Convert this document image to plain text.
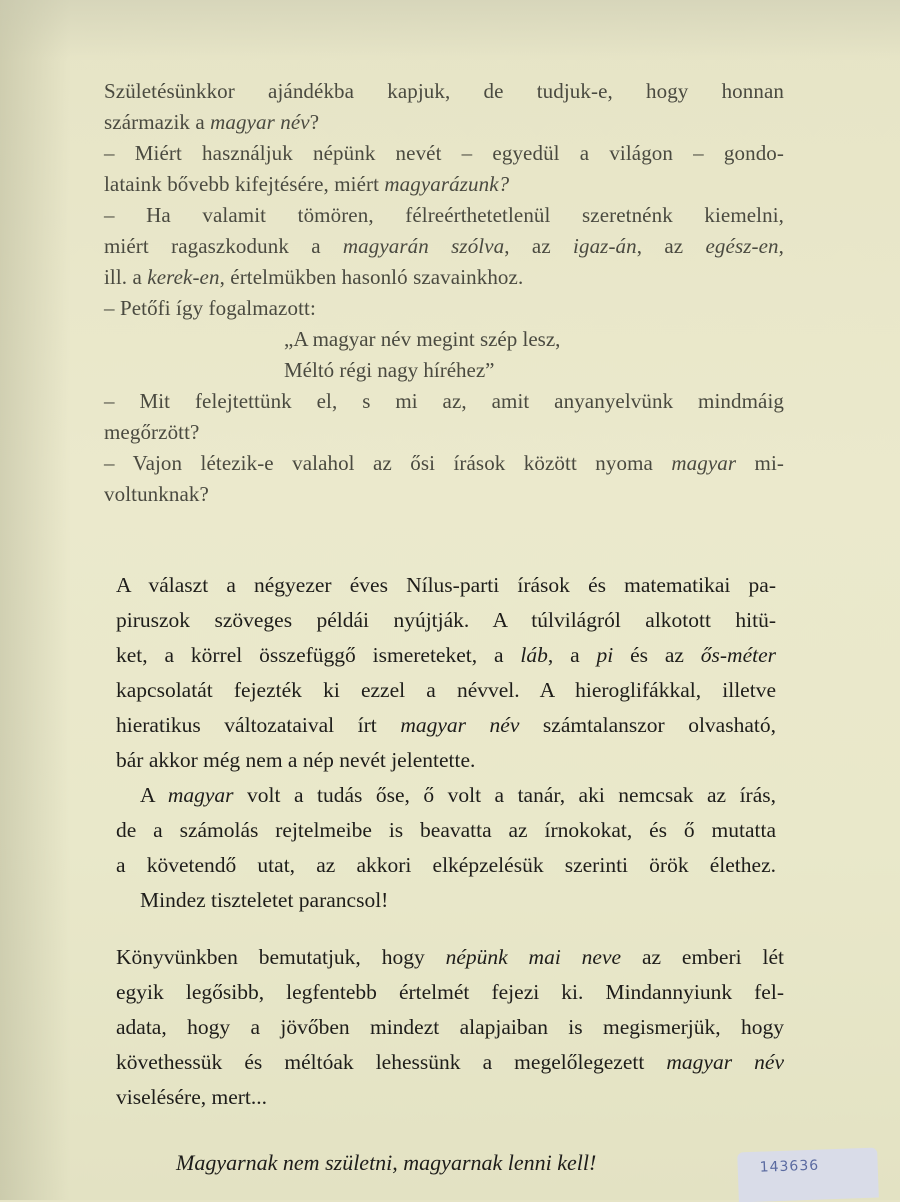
Születésünkkor ajándékba kapjuk, de tudjuk-e, hogy honnan
származik a magyar név?
– Miért használjuk népünk nevét – egyedül a világon – gondo-
lataink bővebb kifejtésére, miért magyarázunk?
– Ha valamit tömören, félreérthetetlenül szeretnénk kiemelni,
miért ragaszkodunk a magyarán szólva, az igaz-án, az egész-en,
ill. a kerek-en, értelmükben hasonló szavainkhoz.
– Petőfi így fogalmazott:
„A magyar név megint szép lesz,
Méltó régi nagy híréhez”
– Mit felejtettünk el, s mi az, amit anyanyelvünk mindmáig
megőrzött?
– Vajon létezik-e valahol az ősi írások között nyoma magyar mi-
voltunknak?
A választ a négyezer éves Nílus-parti írások és matematikai pa-
piruszok szöveges példái nyújtják. A túlvilágról alkotott hitü-
ket, a körrel összefüggő ismereteket, a láb, a pi és az ős-méter
kapcsolatát fejezték ki ezzel a névvel. A hieroglifákkal, illetve
hieratikus változataival írt magyar név számtalanszor olvasható,
bár akkor még nem a nép nevét jelentette.
A magyar volt a tudás őse, ő volt a tanár, aki nemcsak az írás,
de a számolás rejtelmeibe is beavatta az írnokokat, és ő mutatta
a követendő utat, az akkori elképzelésük szerinti örök élethez.
Mindez tiszteletet parancsol!
Könyvünkben bemutatjuk, hogy népünk mai neve az emberi lét
egyik legősibb, legfentebb értelmét fejezi ki. Mindannyiunk fel-
adata, hogy a jövőben mindezt alapjaiban is megismerjük, hogy
követhessük és méltóak lehessünk a megelőlegezett magyar név
viselésére, mert...
Magyarnak nem születni, magyarnak lenni kell!	143636
